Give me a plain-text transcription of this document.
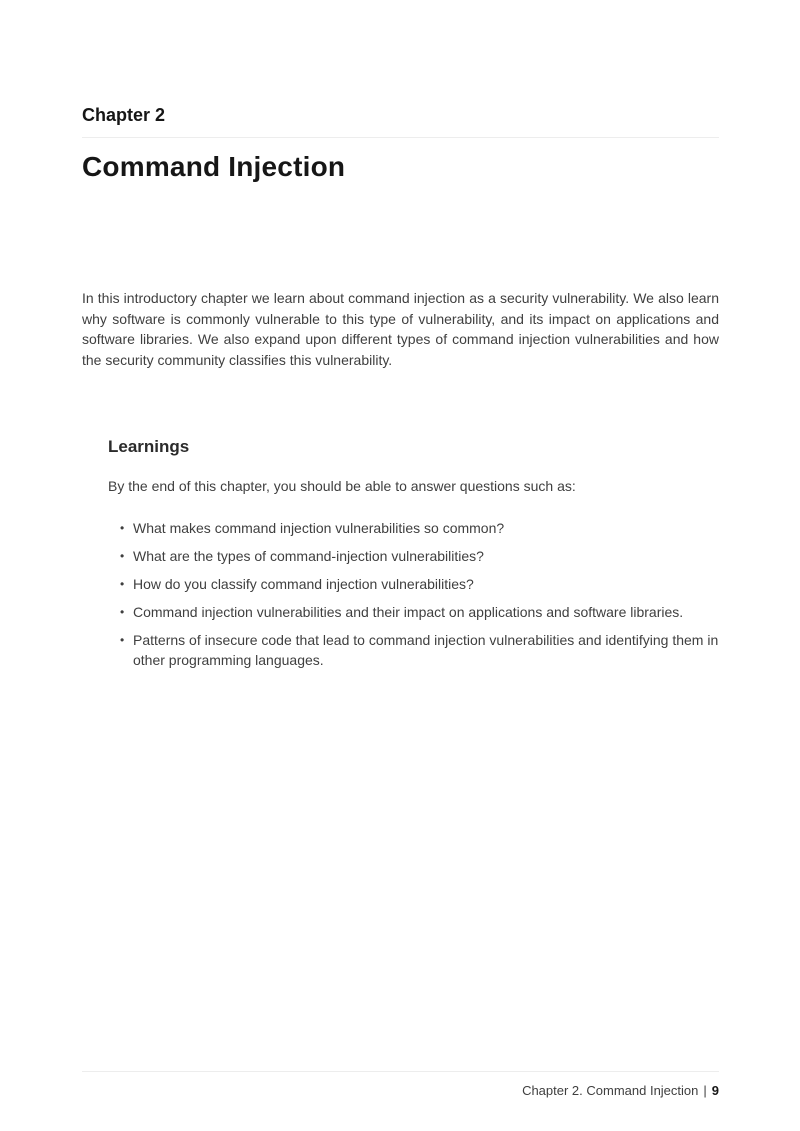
Chapter 2
Command Injection

In this introductory chapter we learn about command injection as a security vulnerability. We also learn why software is commonly vulnerable to this type of vulnerability, and its impact on applications and software libraries. We also expand upon different types of command injection vulnerabilities and how the security community classifies this vulnerability.

Learnings

By the end of this chapter, you should be able to answer questions such as:

• What makes command injection vulnerabilities so common?
• What are the types of command-injection vulnerabilities?
• How do you classify command injection vulnerabilities?
• Command injection vulnerabilities and their impact on applications and software libraries.
• Patterns of insecure code that lead to command injection vulnerabilities and identifying them in other programming languages.
Chapter 2. Command Injection | 9
